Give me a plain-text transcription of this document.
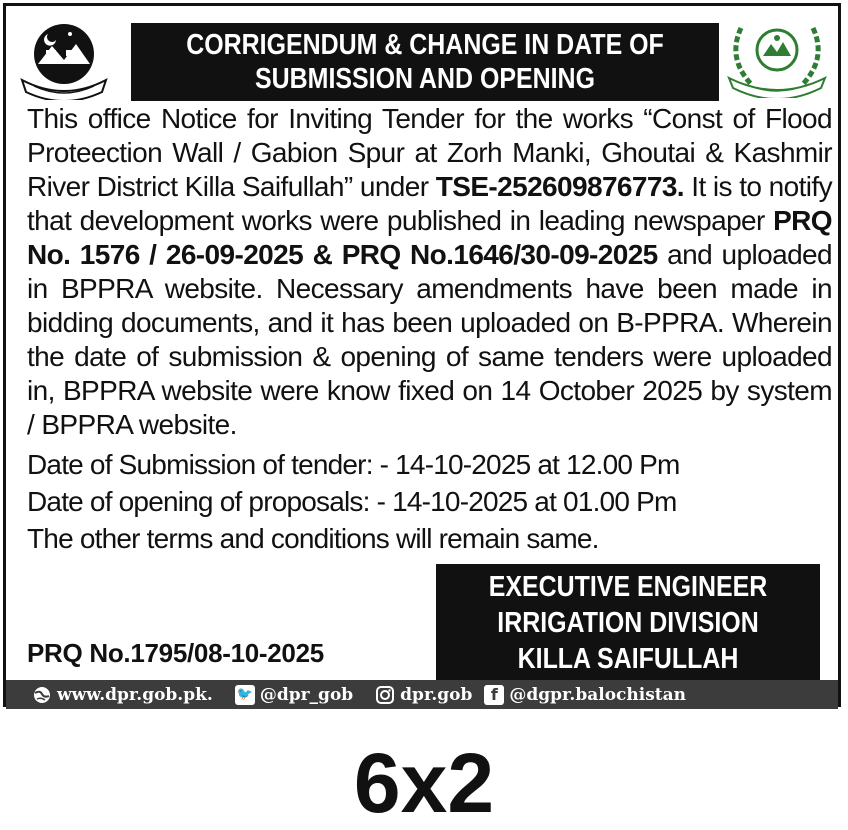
CORRIGENDUM & CHANGE IN DATE OF
SUBMISSION AND OPENING

This office Notice for Inviting Tender for the works “Const of Flood Proteection Wall / Gabion Spur at Zorh Manki, Ghoutai & Kashmir River District Killa Saifullah” under TSE-252609876773. It is to notify that development works were published in leading newspaper PRQ No. 1576 / 26-09-2025 & PRQ No.1646/30-09-2025 and uploaded in BPPRA website. Necessary amendments have been made in bidding documents, and it has been uploaded on B-PPRA. Wherein the date of submission & opening of same tenders were uploaded in, BPPRA website were know fixed on 14 October 2025 by system / BPPRA website.

Date of Submission of tender: - 14-10-2025 at 12.00 Pm
Date of opening of proposals: - 14-10-2025 at 01.00 Pm
The other terms and conditions will remain same.
EXECUTIVE ENGINEER
IRRIGATION DIVISION
KILLA SAIFULLAH
PRQ No.1795/08-10-2025
www.dpr.gob.pk. 🐦 @dpr_gob	dpr.gob	f @dgpr.balochistan
6x2
